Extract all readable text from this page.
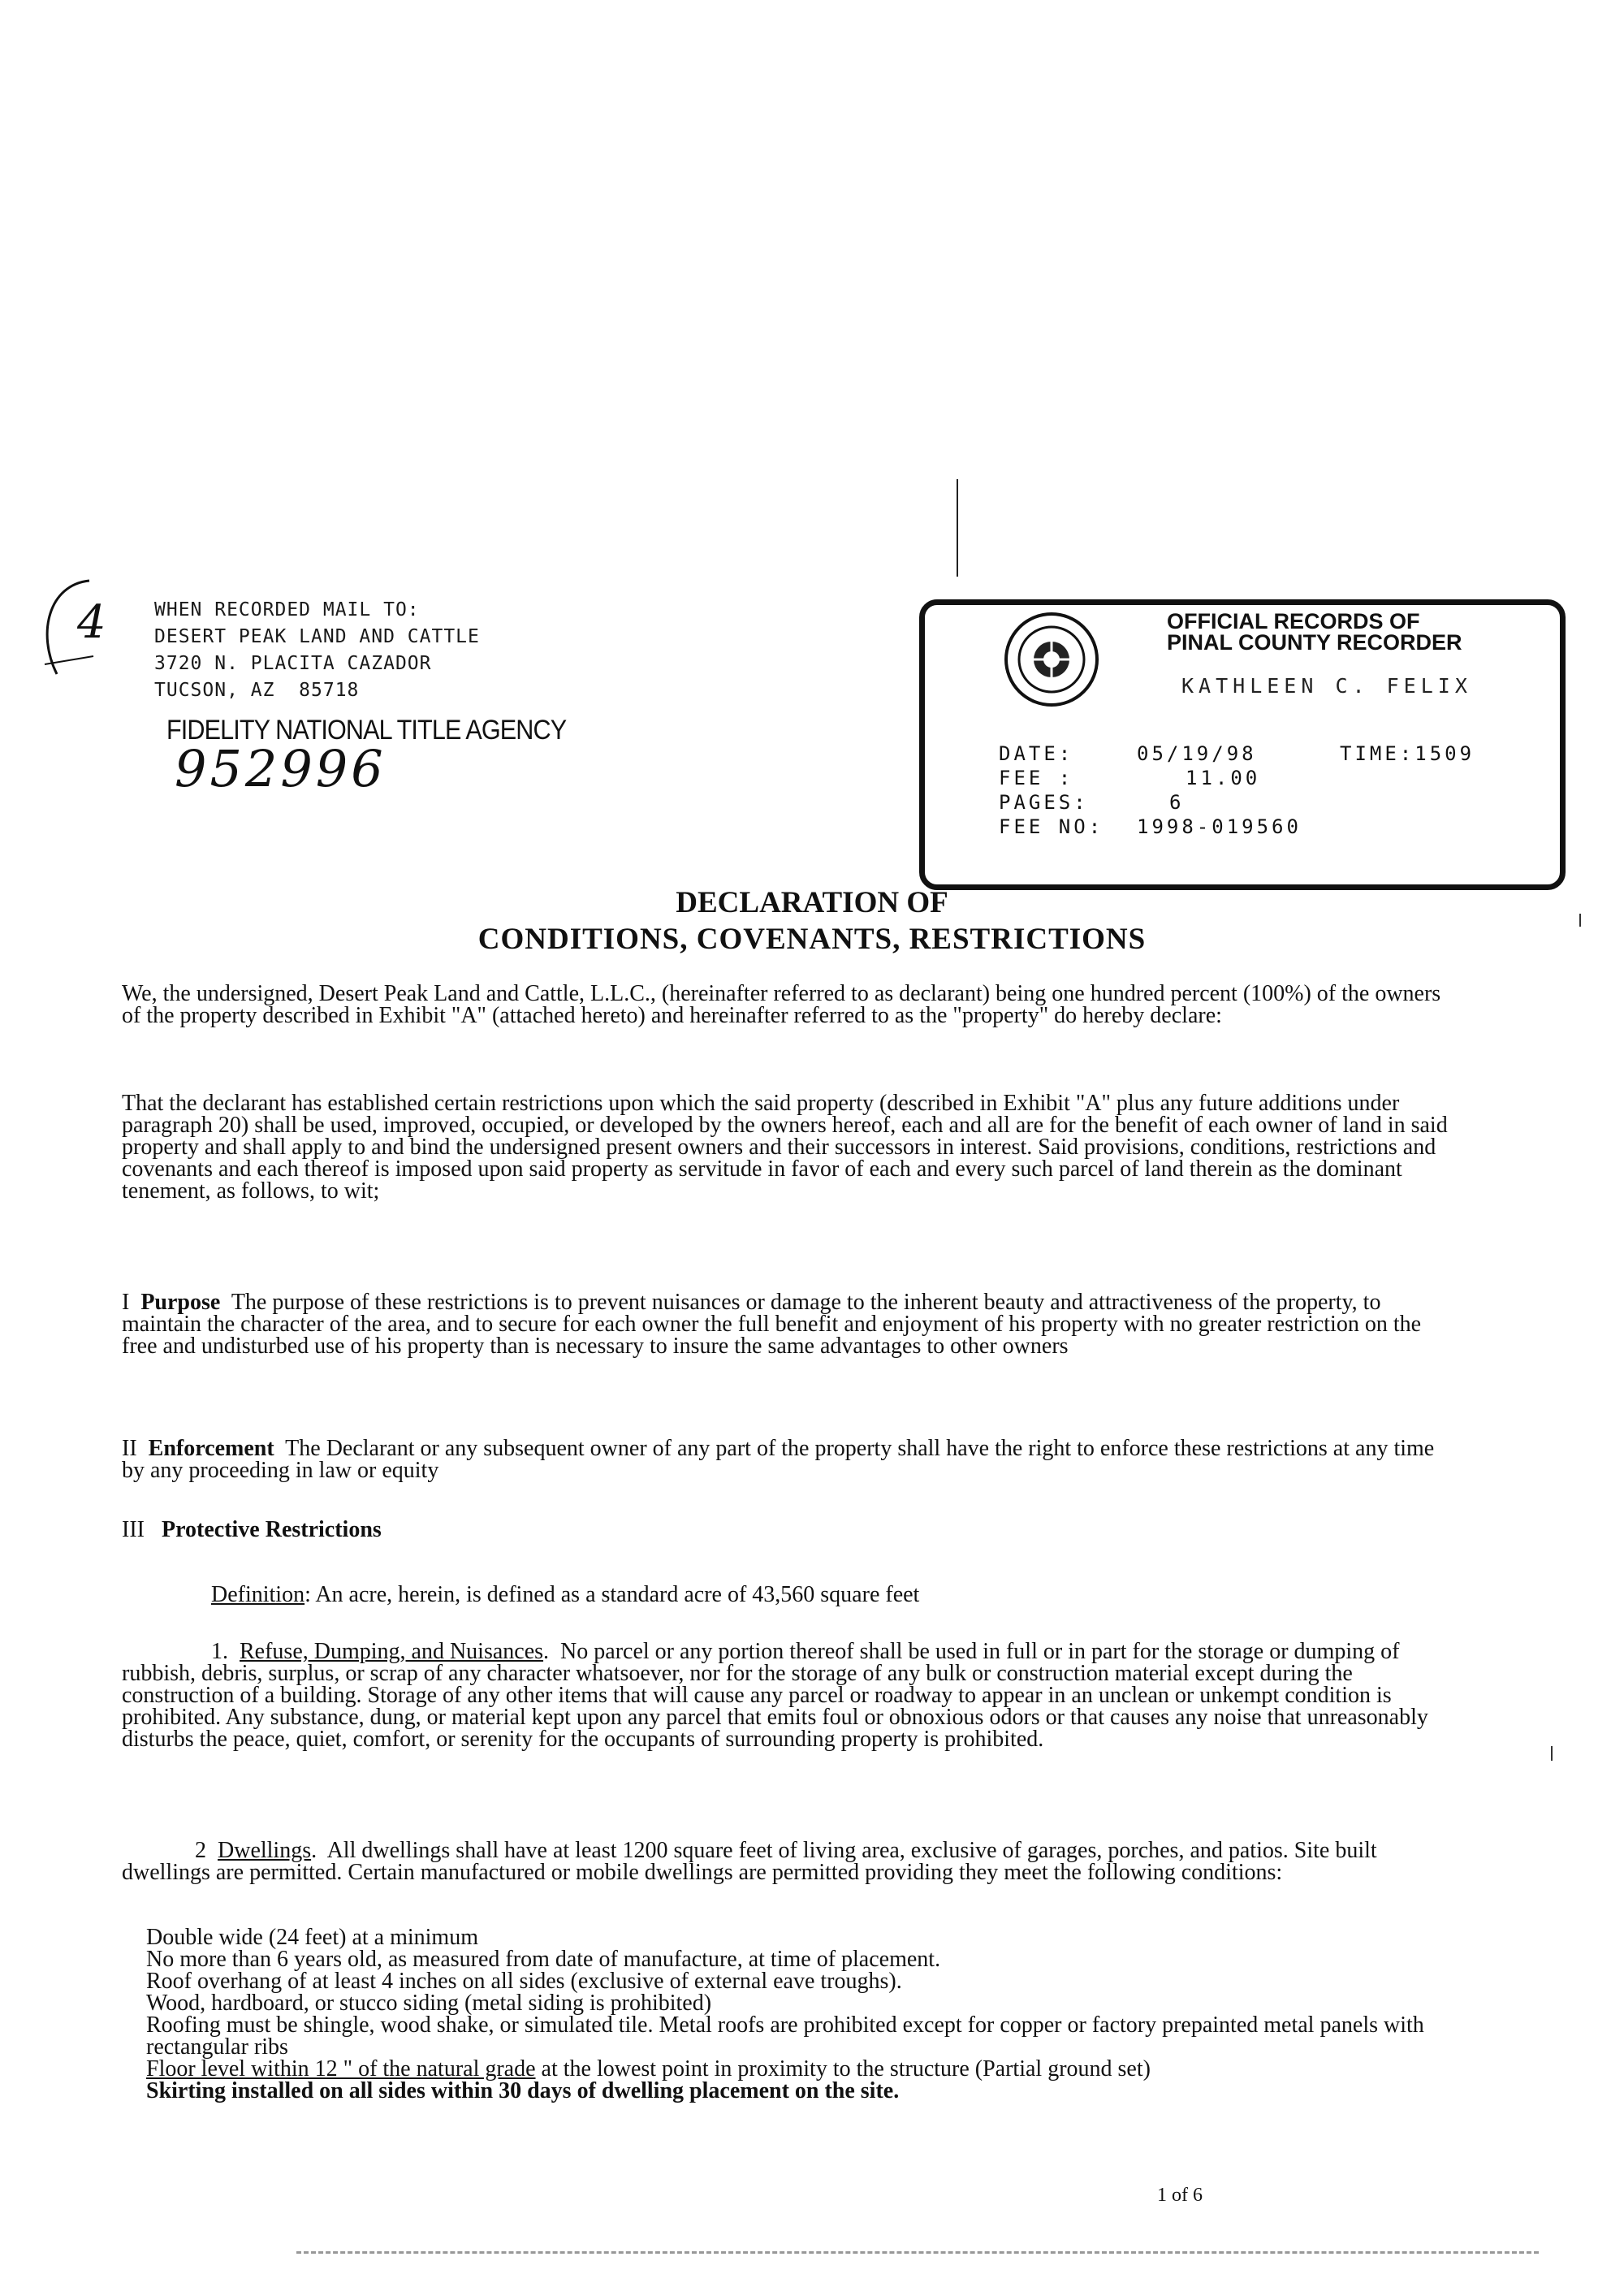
4	WHEN RECORDED MAIL TO:
DESERT PEAK LAND AND CATTLE
3720 N. PLACITA CAZADOR
TUCSON, AZ  85718
FIDELITY NATIONAL TITLE AGENCY
952996
OFFICIAL RECORDS OF
PINAL COUNTY RECORDER
KATHLEEN C. FELIX
DATE:	05/19/98	TIME: 1509
FEE :	11.00
PAGES:	6
FEE NO:	1998-019560
DECLARATION OF
CONDITIONS, COVENANTS, RESTRICTIONS
We, the undersigned, Desert Peak Land and Cattle, L.L.C., (hereinafter referred to as declarant) being one hundred percent (100%) of the owners of the property described in Exhibit "A" (attached hereto) and hereinafter referred to as the "property" do hereby declare:
That the declarant has established certain restrictions upon which the said property (described in Exhibit "A" plus any future additions under paragraph 20) shall be used, improved, occupied, or developed by the owners hereof, each and all are for the benefit of each owner of land in said property and shall apply to and bind the undersigned present owners and their successors in interest. Said provisions, conditions, restrictions and covenants and each thereof is imposed upon said property as servitude in favor of each and every such parcel of land therein as the dominant tenement, as follows, to wit;
I Purpose The purpose of these restrictions is to prevent nuisances or damage to the inherent beauty and attractiveness of the property, to maintain the character of the area, and to secure for each owner the full benefit and enjoyment of his property with no greater restriction on the free and undisturbed use of his property than is necessary to insure the same advantages to other owners
II Enforcement The Declarant or any subsequent owner of any part of the property shall have the right to enforce these restrictions at any time by any proceeding in law or equity
III Protective Restrictions
Definition: An acre, herein, is defined as a standard acre of 43,560 square feet
1. Refuse, Dumping, and Nuisances.  No parcel or any portion thereof shall be used in full or in part for the storage or dumping of rubbish, debris, surplus, or scrap of any character whatsoever, nor for the storage of any bulk or construction material except during the construction of a building. Storage of any other items that will cause any parcel or roadway to appear in an unclean or unkempt condition is prohibited. Any substance, dung, or material kept upon any parcel that emits foul or obnoxious odors or that causes any noise that unreasonably disturbs the peace, quiet, comfort, or serenity for the occupants of surrounding property is prohibited.
2 Dwellings.  All dwellings shall have at least 1200 square feet of living area, exclusive of garages, porches, and patios. Site built dwellings are permitted. Certain manufactured or mobile dwellings are permitted providing they meet the following conditions:
Double wide (24 feet) at a minimum
No more than 6 years old, as measured from date of manufacture, at time of placement.
Roof overhang of at least 4 inches on all sides (exclusive of external eave troughs).
Wood, hardboard, or stucco siding (metal siding is prohibited)
Roofing must be shingle, wood shake, or simulated tile. Metal roofs are prohibited except for copper or factory prepainted metal panels with rectangular ribs
Floor level within 12 " of the natural grade at the lowest point in proximity to the structure (Partial ground set)
Skirting installed on all sides within 30 days of dwelling placement on the site.
1 of 6
